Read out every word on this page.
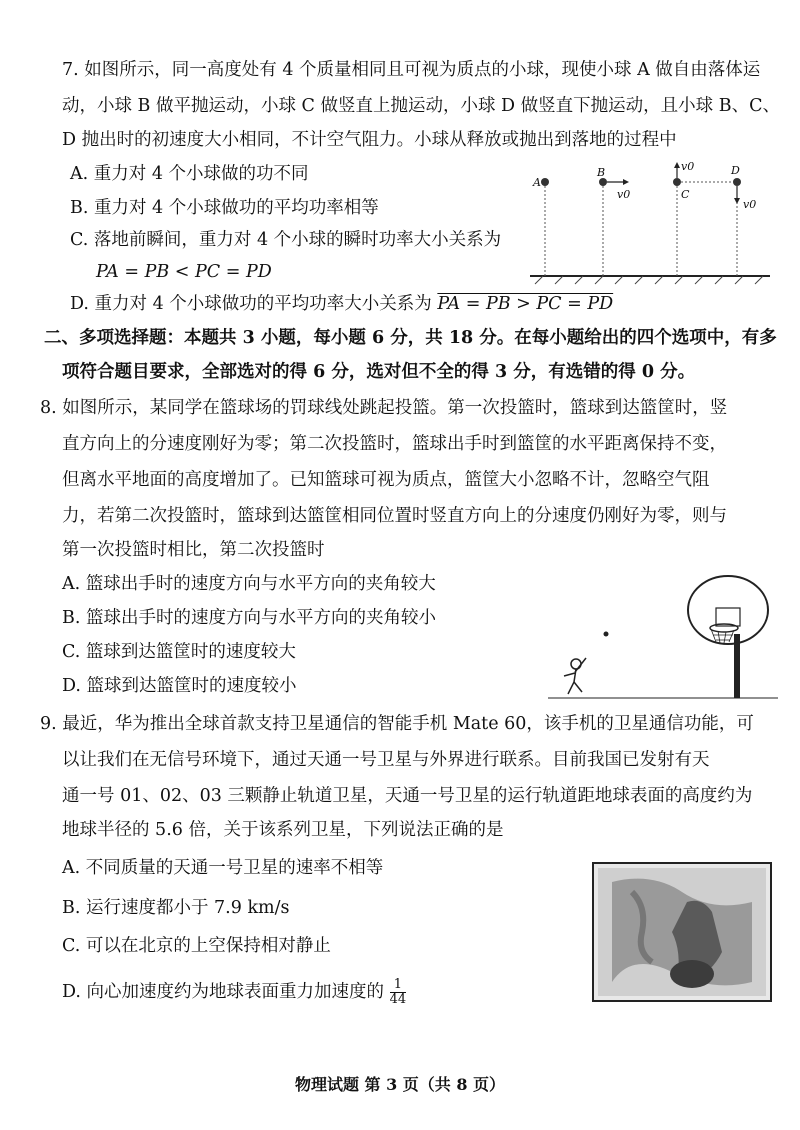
7. 如图所示，同一高度处有 4 个质量相同且可视为质点的小球，现使小球 A 做自由落体运
动，小球 B 做平抛运动，小球 C 做竖直上抛运动，小球 D 做竖直下抛运动，且小球 B、C、
D 抛出时的初速度大小相同，不计空气阻力。小球从释放或抛出到落地的过程中
A. 重力对 4 个小球做的功不同
B. 重力对 4 个小球做功的平均功率相等
C. 落地前瞬间，重力对 4 个小球的瞬时功率大小关系为
PA = PB < PC = PD
D. 重力对 4 个小球做功的平均功率大小关系为 PA = PB > PC = PD
A
B
v0
v0
C
D
v0
二、多项选择题：本题共 3 小题，每小题 6 分，共 18 分。在每小题给出的四个选项中，有多
项符合题目要求，全部选对的得 6 分，选对但不全的得 3 分，有选错的得 0 分。
8. 如图所示，某同学在篮球场的罚球线处跳起投篮。第一次投篮时，篮球到达篮筐时，竖
直方向上的分速度刚好为零；第二次投篮时，篮球出手时到篮筐的水平距离保持不变，
但离水平地面的高度增加了。已知篮球可视为质点，篮筐大小忽略不计，忽略空气阻
力，若第二次投篮时，篮球到达篮筐相同位置时竖直方向上的分速度仍刚好为零，则与
第一次投篮时相比，第二次投篮时
A. 篮球出手时的速度方向与水平方向的夹角较大
B. 篮球出手时的速度方向与水平方向的夹角较小
C. 篮球到达篮筐时的速度较大
D. 篮球到达篮筐时的速度较小
9. 最近，华为推出全球首款支持卫星通信的智能手机 Mate 60，该手机的卫星通信功能，可
以让我们在无信号环境下，通过天通一号卫星与外界进行联系。目前我国已发射有天
通一号 01、02、03 三颗静止轨道卫星，天通一号卫星的运行轨道距地球表面的高度约为
地球半径的 5.6 倍，关于该系列卫星，下列说法正确的是
A. 不同质量的天通一号卫星的速率不相等
B. 运行速度都小于 7.9 km/s
C. 可以在北京的上空保持相对静止
D. 向心加速度约为地球表面重力加速度的 $\frac{1}{44}$
物理试题 第 3 页（共 8 页）
